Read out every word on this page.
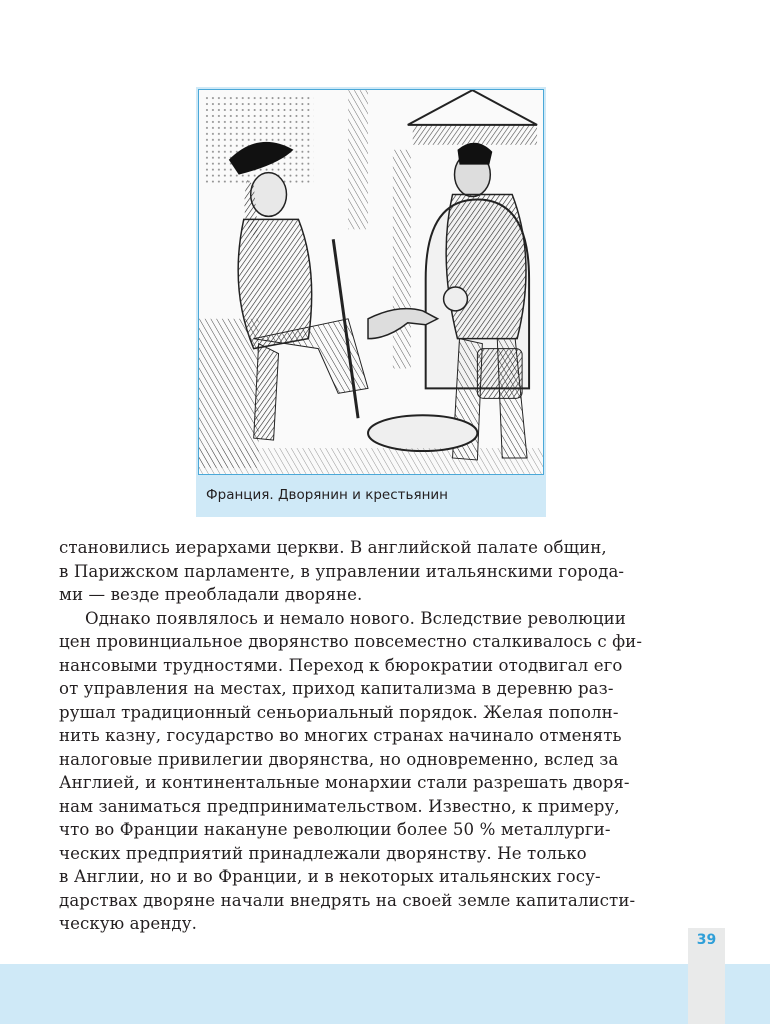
Франция. Дворянин и крестьянин
становились иерархами церкви. В английской палате общин,
в Парижском парламенте, в управлении итальянскими города-
ми — везде преобладали дворяне.
Однако появлялось и немало нового. Вследствие революции
цен провинциальное дворянство повсеместно сталкивалось с фи-
нансовыми трудностями. Переход к бюрократии отодвигал его
от управления на местах, приход капитализма в деревню раз-
рушал традиционный сеньориальный порядок. Желая пополн-
нить казну, государство во многих странах начинало отменять
налоговые привилегии дворянства, но одновременно, вслед за
Англией, и континентальные монархии стали разрешать дворя-
нам заниматься предпринимательством. Известно, к примеру,
что во Франции накануне революции более 50 % металлурги-
ческих предприятий принадлежали дворянству. Не только
в Англии, но и во Франции, и в некоторых итальянских госу-
дарствах дворяне начали внедрять на своей земле капиталисти-
ческую аренду.
39
